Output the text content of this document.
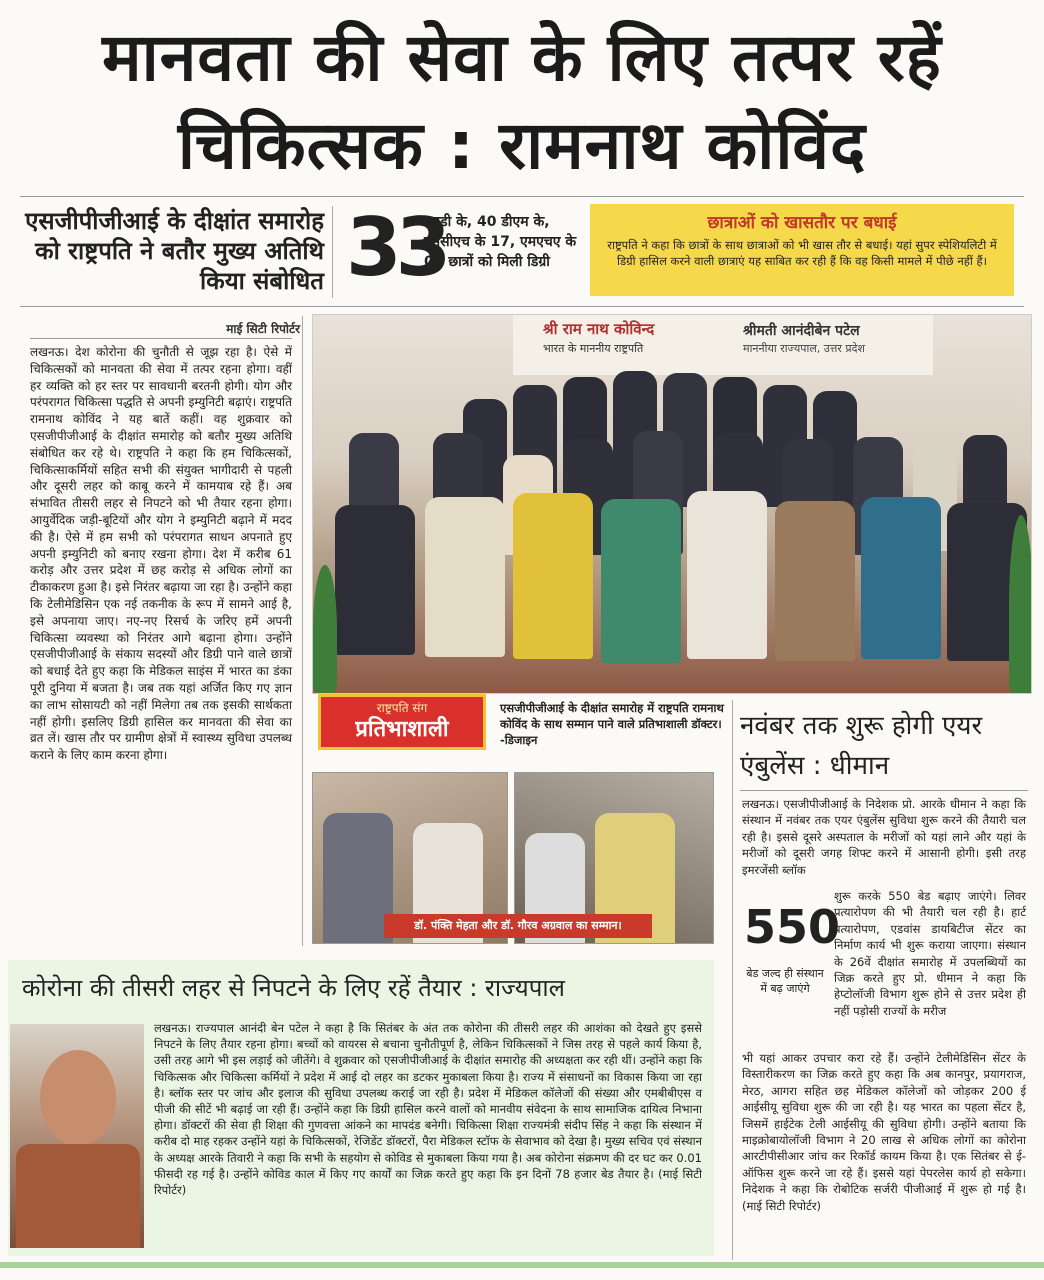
मानवता की सेवा के लिए तत्पर रहें
चिकित्सक : रामनाथ कोविंद
एसजीपीजीआई के दीक्षांत समारोह को राष्ट्रपति ने बतौर मुख्य अतिथि किया संबोधित 33
एमडी के, 40 डीएम के, एमसीएच के 17, एमएचए के 05 छात्रों को मिली डिग्री
छात्राओं को खासतौर पर बधाई
राष्ट्रपति ने कहा कि छात्रों के साथ छात्राओं को भी खास तौर से बधाई। यहां सुपर स्पेशियलिटी में डिग्री हासिल करने वाली छात्राएं यह साबित कर रही हैं कि वह किसी मामले में पीछे नहीं हैं।
माई सिटी रिपोर्टर
लखनऊ। देश कोरोना की चुनौती से जूझ रहा है। ऐसे में चिकित्सकों को मानवता की सेवा में तत्पर रहना होगा। वहीं हर व्यक्ति को हर स्तर पर सावधानी बरतनी होगी। योग और परंपरागत चिकित्सा पद्धति से अपनी इम्युनिटी बढ़ाएं। राष्ट्रपति रामनाथ कोविंद ने यह बातें कहीं। वह शुक्रवार को एसजीपीजीआई के दीक्षांत समारोह को बतौर मुख्य अतिथि संबोधित कर रहे थे। राष्ट्रपति ने कहा कि हम चिकित्सकों, चिकित्साकर्मियों सहित सभी की संयुक्त भागीदारी से पहली और दूसरी लहर को काबू करने में कामयाब रहे हैं। अब संभावित तीसरी लहर से निपटने को भी तैयार रहना होगा। आयुर्वेदिक जड़ी-बूटियों और योग ने इम्युनिटी बढ़ाने में मदद की है। ऐसे में हम सभी को परंपरागत साधन अपनाते हुए अपनी इम्युनिटी को बनाए रखना होगा। देश में करीब 61 करोड़ और उत्तर प्रदेश में छह करोड़ से अधिक लोगों का टीकाकरण हुआ है। इसे निरंतर बढ़ाया जा रहा है। उन्होंने कहा कि टेलीमेडिसिन एक नई तकनीक के रूप में सामने आई है, इसे अपनाया जाए। नए-नए रिसर्च के जरिए हमें अपनी चिकित्सा व्यवस्था को निरंतर आगे बढ़ाना होगा। उन्होंने एसजीपीजीआई के संकाय सदस्यों और डिग्री पाने वाले छात्रों को बधाई देते हुए कहा कि मेडिकल साइंस में भारत का डंका पूरी दुनिया में बजता है। जब तक यहां अर्जित किए गए ज्ञान का लाभ सोसायटी को नहीं मिलेगा तब तक इसकी सार्थकता नहीं होगी। इसलिए डिग्री हासिल कर मानवता की सेवा का व्रत लें। खास तौर पर ग्रामीण क्षेत्रों में स्वास्थ्य सुविधा उपलब्ध कराने के लिए काम करना होगा।
श्री राम नाथ कोविन्द
भारत के माननीय राष्ट्रपति
श्रीमती आनंदीबेन पटेल
माननीया राज्यपाल, उत्तर प्रदेश
राष्ट्रपति संग
प्रतिभाशाली
एसजीपीजीआई के दीक्षांत समारोह में राष्ट्रपति रामनाथ कोविंद के साथ सम्मान पाने वाले प्रतिभाशाली डॉक्टर। -डिजाइन
डॉ. पंक्ति मेहता और डॉ. गौरव अग्रवाल का सम्मान।
नवंबर तक शुरू होगी एयर एंबुलेंस : धीमान
लखनऊ। एसजीपीजीआई के निदेशक प्रो. आरके धीमान ने कहा कि संस्थान में नवंबर तक एयर एंबुलेंस सुविधा शुरू करने की तैयारी चल रही है। इससे दूसरे अस्पताल के मरीजों को यहां लाने और यहां के मरीजों को दूसरी जगह शिफ्ट करने में आसानी होगी। इसी तरह इमरजेंसी ब्लॉक
550
बेड जल्द ही संस्थान में बढ़ जाएंगे
शुरू करके 550 बेड बढ़ाए जाएंगे। लिवर प्रत्यारोपण की भी तैयारी चल रही है। हार्ट प्रत्यारोपण, एडवांस डायबिटीज सेंटर का निर्माण कार्य भी शुरू कराया जाएगा। संस्थान के 26वें दीक्षांत समारोह में उपलब्धियों का जिक्र करते हुए प्रो. धीमान ने कहा कि हेप्टोलॉजी विभाग शुरू होने से उत्तर प्रदेश ही नहीं पड़ोसी राज्यों के मरीज
भी यहां आकर उपचार करा रहे हैं। उन्होंने टेलीमेडिसिन सेंटर के विस्तारीकरण का जिक्र करते हुए कहा कि अब कानपुर, प्रयागराज, मेरठ, आगरा सहित छह मेडिकल कॉलेजों को जोड़कर 200 ई आईसीयू सुविधा शुरू की जा रही है। यह भारत का पहला सेंटर है, जिसमें हाईटेक टेली आईसीयू की सुविधा होगी। उन्होंने बताया कि माइक्रोबायोलॉजी विभाग ने 20 लाख से अधिक लोगों का कोरोना आरटीपीसीआर जांच कर रिकॉर्ड कायम किया है। एक सितंबर से ई-ऑफिस शुरू करने जा रहे हैं। इससे यहां पेपरलेस कार्य हो सकेगा। निदेशक ने कहा कि रोबोटिक सर्जरी पीजीआई में शुरू हो गई है। (माई सिटी रिपोर्टर)
कोरोना की तीसरी लहर से निपटने के लिए रहें तैयार : राज्यपाल
लखनऊ। राज्यपाल आनंदी बेन पटेल ने कहा है कि सितंबर के अंत तक कोरोना की तीसरी लहर की आशंका को देखते हुए इससे निपटने के लिए तैयार रहना होगा। बच्चों को वायरस से बचाना चुनौतीपूर्ण है, लेकिन चिकित्सकों ने जिस तरह से पहले कार्य किया है, उसी तरह आगे भी इस लड़ाई को जीतेंगे। वे शुक्रवार को एसजीपीजीआई के दीक्षांत समारोह की अध्यक्षता कर रही थीं। उन्होंने कहा कि चिकित्सक और चिकित्सा कर्मियों ने प्रदेश में आई दो लहर का डटकर मुकाबला किया है। राज्य में संसाधनों का विकास किया जा रहा है। ब्लॉक स्तर पर जांच और इलाज की सुविधा उपलब्ध कराई जा रही है। प्रदेश में मेडिकल कॉलेजों की संख्या और एमबीबीएस व पीजी की सीटें भी बढ़ाई जा रही हैं। उन्होंने कहा कि डिग्री हासिल करने वालों को मानवीय संवेदना के साथ सामाजिक दायित्व निभाना होगा। डॉक्टरों की सेवा ही शिक्षा की गुणवत्ता आंकने का मापदंड बनेगी। चिकित्सा शिक्षा राज्यमंत्री संदीप सिंह ने कहा कि संस्थान में करीब दो माह रहकर उन्होंने यहां के चिकित्सकों, रेजिडेंट डॉक्टरों, पैरा मेडिकल स्टॉफ के सेवाभाव को देखा है। मुख्य सचिव एवं संस्थान के अध्यक्ष आरके तिवारी ने कहा कि सभी के सहयोग से कोविड से मुकाबला किया गया है। अब कोरोना संक्रमण की दर घट कर 0.01 फीसदी रह गई है। उन्होंने कोविड काल में किए गए कार्यों का जिक्र करते हुए कहा कि इन दिनों 78 हजार बेड तैयार है। (माई सिटी रिपोर्टर)
